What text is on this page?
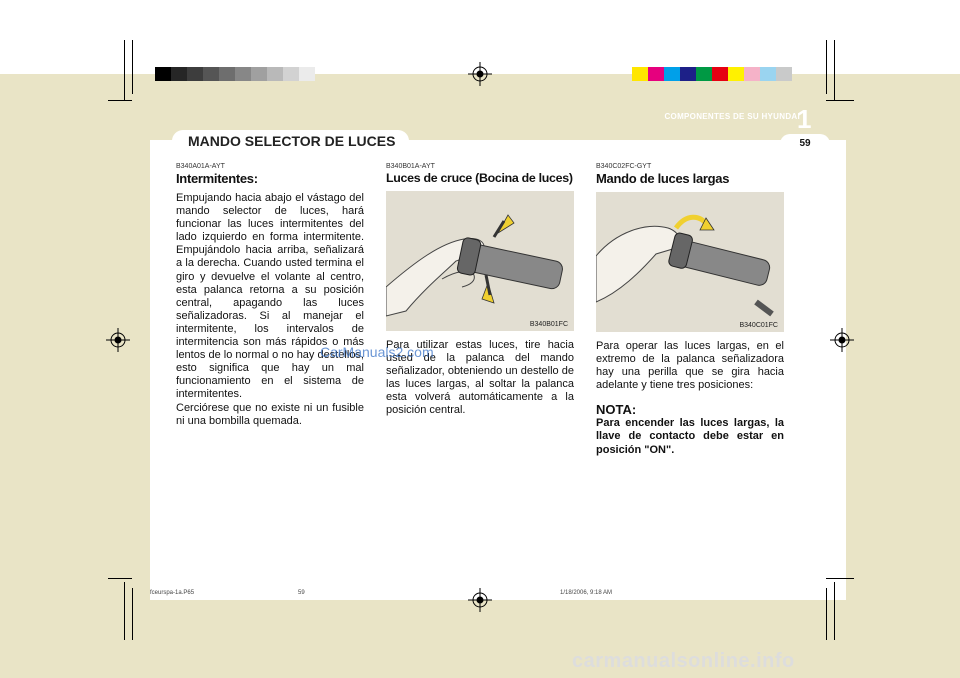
COMPONENTES DE SU HYUNDAI
1
59
MANDO SELECTOR DE LUCES
B340A01A-AYT
Intermitentes:

Empujando hacia abajo el vástago del mando selector de luces, hará funcionar las luces intermitentes del lado izquierdo en forma intermitente. Empujándolo hacia arriba, señalizará a la derecha. Cuando usted termina el giro y devuelve el volante al centro, esta palanca retorna a su posición central, apagando las luces señalizadoras. Si al manejar el intermitente, los intervalos de intermitencia son más rápidos o más lentos de lo normal o no hay destellos, esto significa que hay un mal funcionamiento en el sistema de intermitentes.

Cerciórese que no existe ni un fusible ni una bombilla quemada.

B340B01A-AYT
Luces de cruce (Bocina de luces)
B340B01FC

Para utilizar estas luces, tire hacia usted de la palanca del mando señalizador, obteniendo un destello de las luces largas, al soltar la palanca esta volverá automáticamente a la posición central.

B340C02FC-GYT
Mando de luces largas
B340C01FC

Para operar las luces largas, en el extremo de la palanca señalizadora hay una perilla que se gira hacia adelante y tiene tres posiciones:

NOTA:
Para encender las luces largas, la llave de contacto debe estar en posición "ON".
fceurspa-1a.P65	59	1/18/2006, 9:18 AM
CarManuals2.com
carmanualsonline.info
